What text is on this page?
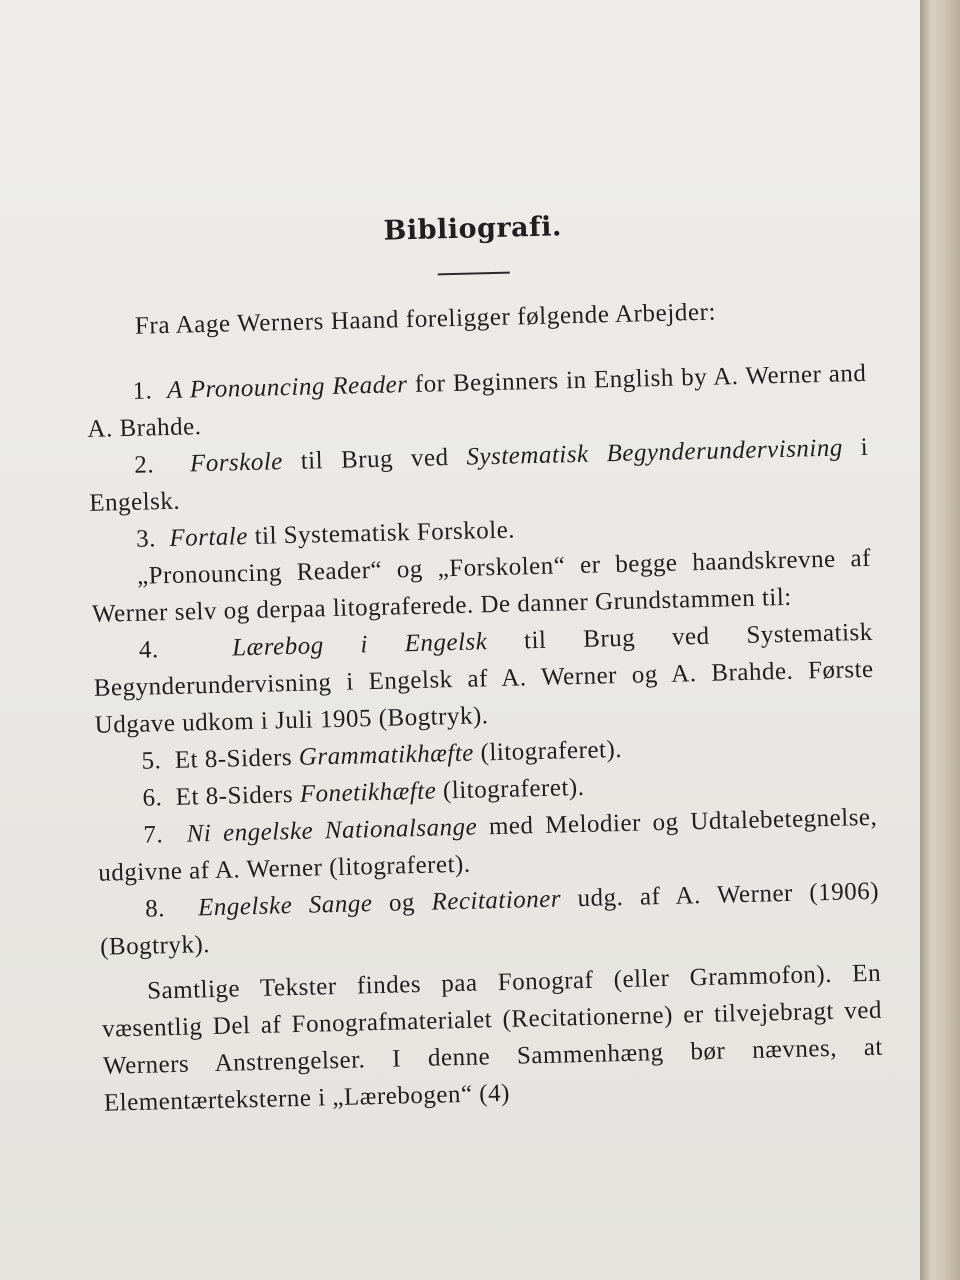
Bibliografi.

Fra Aage Werners Haand foreligger følgende Arbejder:

1. A Pronouncing Reader for Beginners in English by A. Werner and A. Brahde.

2. Forskole til Brug ved Systematisk Begynderundervisning i Engelsk.

3. Fortale til Systematisk Forskole.

„Pronouncing Reader“ og „Forskolen“ er begge haandskrevne af Werner selv og derpaa litograferede. De danner Grundstammen til:

4.	Lærebog i Engelsk til Brug ved Systematisk Begynderundervisning i Engelsk af A. Werner og A. Brahde. Første Udgave udkom i Juli 1905 (Bogtryk).

5. Et 8-Siders Grammatikhæfte (litograferet).

6. Et 8-Siders Fonetikhæfte (litograferet).

7. Ni engelske Nationalsange med Melodier og Udtalebetegnelse, udgivne af A. Werner (litograferet).

8. Engelske Sange og Recitationer udg. af A. Werner (1906) (Bogtryk).

Samtlige Tekster findes paa Fonograf (eller Grammofon). En væsentlig Del af Fonografmaterialet (Recitationerne) er tilvejebragt ved Werners Anstrengelser. I denne Sammenhæng bør nævnes, at Elementærteksterne i „Lærebogen“ (4)
